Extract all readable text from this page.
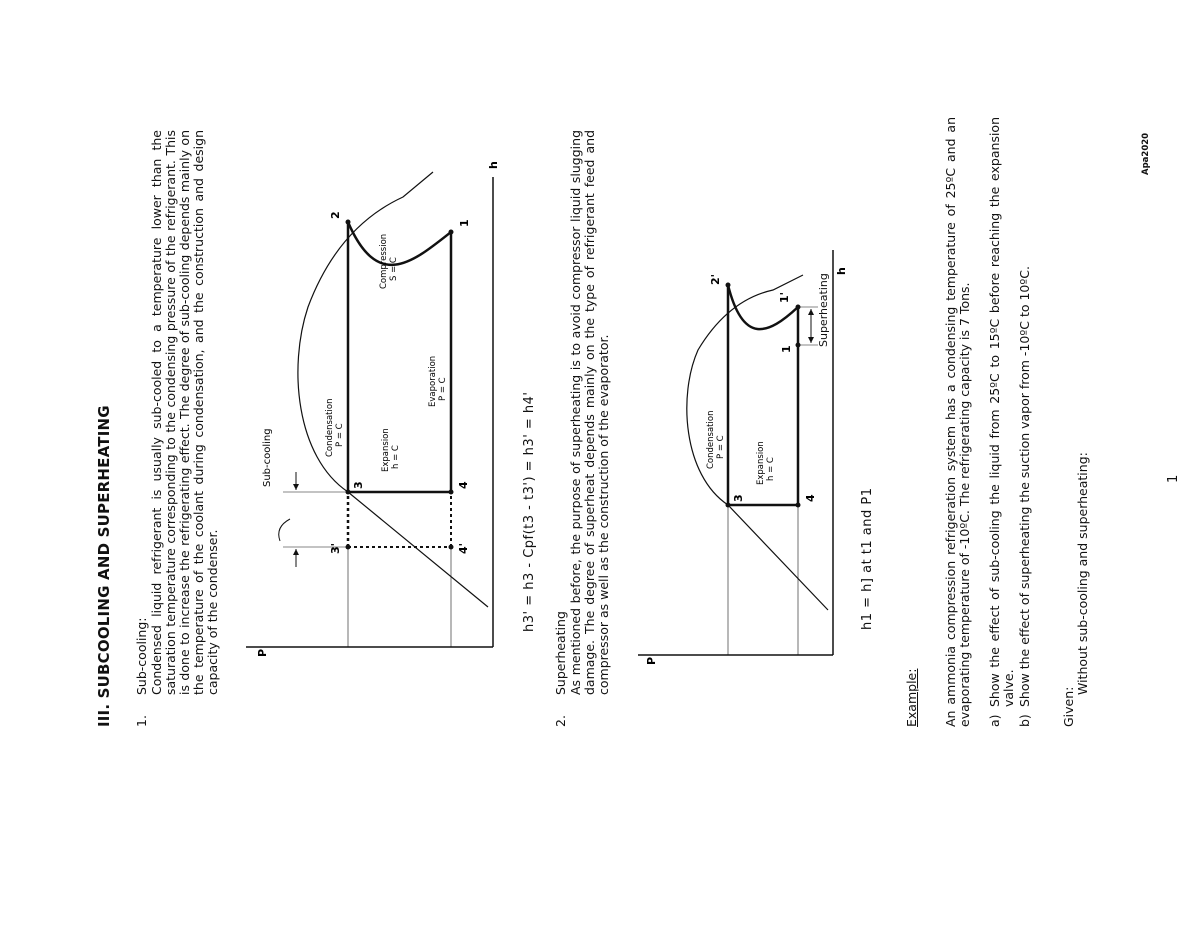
III. SUBCOOLING AND SUPERHEATING 1.
Sub-cooling: Condensed liquid refrigerant is usually sub-cooled to a temperature lower than the saturation temperature corresponding to the condensing pressure of the refrigerant. This is done to increase the refrigerating effect. The degree of sub-cooling depends mainly on the temperature of the coolant during condensation, and the construction and design capacity of the condenser.
Sub-cooling
P
h
2
1
3	4
3'	4'
Condensation P = C	Expansion h = C
Evaporation P = C
Compression S = C
h3' = h3 - Cpf(t3 - t3') = h3' = h4'
2.
Superheating As mentioned before, the purpose of superheating is to avoid compressor liquid slugging damage. The degree of superheat depends mainly on the type of refrigerant feed and compressor as well as the construction of the evaporator.	P
h
2'
1'
1
3	4
Condensation P = C	Expansion h = C
Superheating
h1 = h] at t1 and P1
Example: An ammonia compression refrigeration system has a condensing temperature of 25ºC and an evaporating temperature of -10ºC. The refrigerating capacity is 7 Tons. a)
Show the effect of sub-cooling the liquid from 25ºC to 15ºC before reaching the expansion valve.
b)
Show the effect of superheating the suction vapor from -10ºC to 10ºC. Given:
Without sub-cooling and superheating:	1
Apa2020
